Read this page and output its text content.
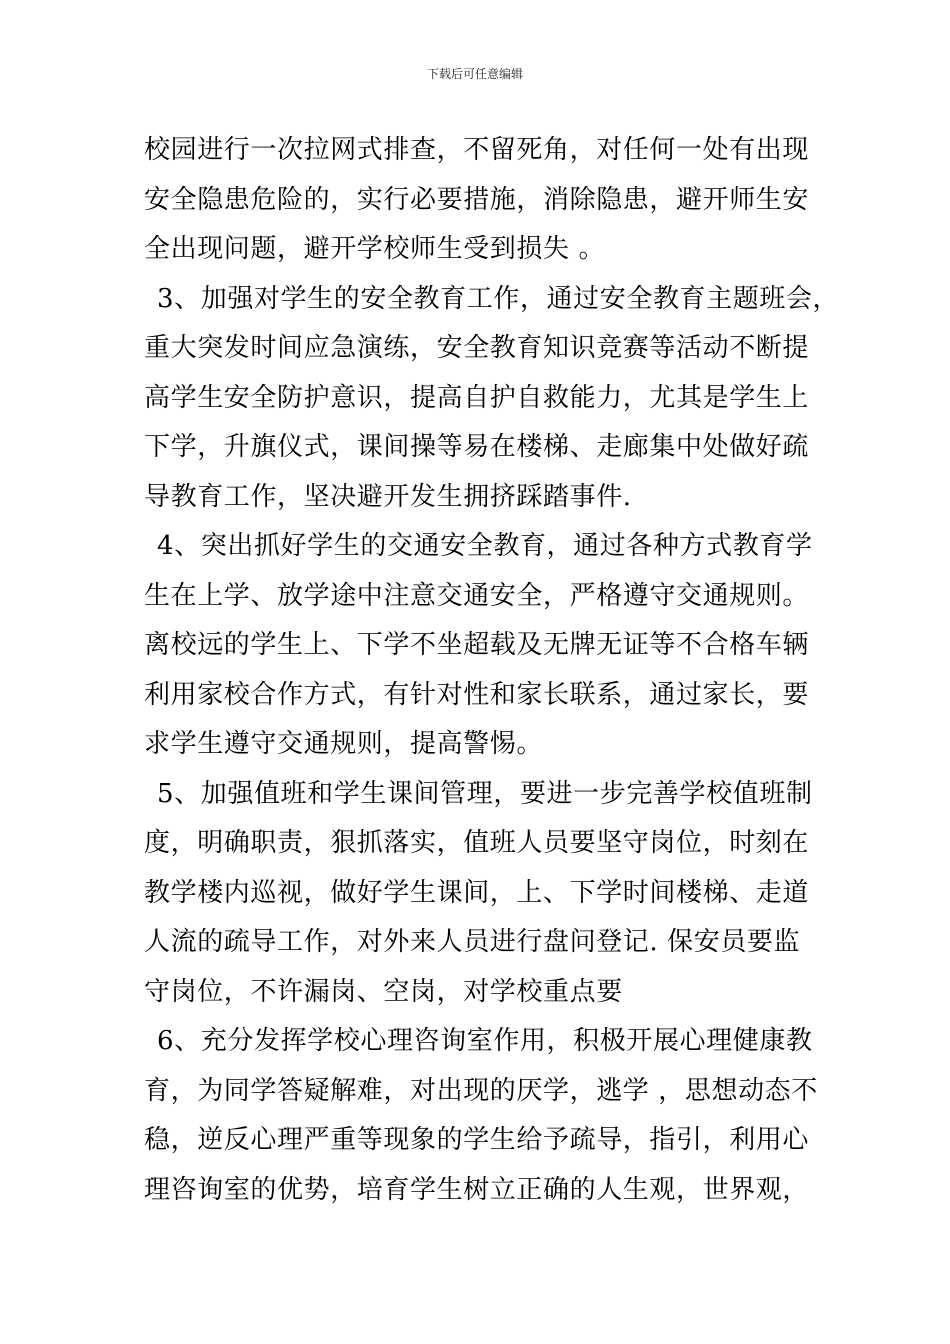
下载后可任意编辑
校园进行一次拉网式排查，不留死角，对任何一处有出现
安全隐患危险的，实行必要措施，消除隐患，避开师生安
全出现问题，避开学校师生受到损失 。
3、加强对学生的安全教育工作，通过安全教育主题班会，
重大突发时间应急演练，安全教育知识竞赛等活动不断提
高学生安全防护意识，提高自护自救能力，尤其是学生上
下学，升旗仪式，课间操等易在楼梯、走廊集中处做好疏
导教育工作，坚决避开发生拥挤踩踏事件.
4、突出抓好学生的交通安全教育，通过各种方式教育学
生在上学、放学途中注意交通安全，严格遵守交通规则。
离校远的学生上、下学不坐超载及无牌无证等不合格车辆
利用家校合作方式，有针对性和家长联系，通过家长，要
求学生遵守交通规则，提高警惕。
5、加强值班和学生课间管理，要进一步完善学校值班制
度，明确职责，狠抓落实，值班人员要坚守岗位，时刻在
教学楼内巡视，做好学生课间，上、下学时间楼梯、走道
人流的疏导工作，对外来人员进行盘问登记. 保安员要监
守岗位，不许漏岗、空岗，对学校重点要
6、充分发挥学校心理咨询室作用，积极开展心理健康教
育，为同学答疑解难，对出现的厌学，逃学 ，思想动态不
稳，逆反心理严重等现象的学生给予疏导，指引，利用心
理咨询室的优势，培育学生树立正确的人生观，世界观，
